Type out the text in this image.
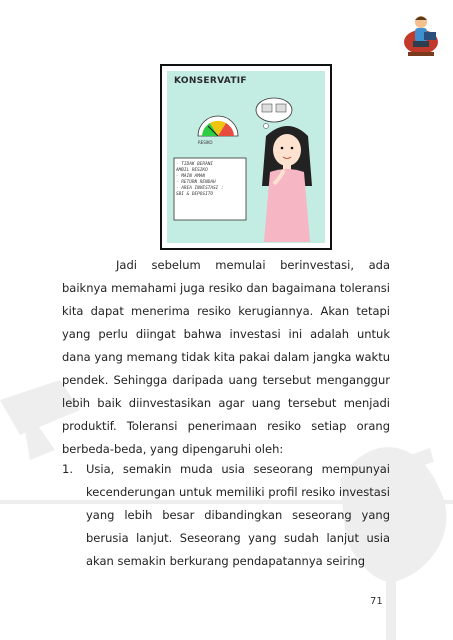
KONSERVATIF
RESIKO
- TIDAK BERANI
AMBIL RESIKO
- MAIN AMAN
- RETURN RENDAH
- AREA INVESTASI :
SBI & DEPOSITO
Jadi sebelum memulai berinvestasi, ada baiknya memahami juga resiko dan bagaimana toleransi kita dapat menerima resiko kerugiannya. Akan tetapi yang perlu diingat bahwa investasi ini adalah untuk dana yang memang tidak kita pakai dalam jangka waktu pendek. Sehingga daripada uang tersebut menganggur lebih baik diinvestasikan agar uang tersebut menjadi produktif. Toleransi penerimaan resiko setiap orang berbeda-beda, yang dipengaruhi oleh:
1. Usia, semakin muda usia seseorang mempunyai kecenderungan untuk memiliki profil resiko investasi yang lebih besar dibandingkan seseorang yang berusia lanjut. Seseorang yang sudah lanjut usia akan semakin berkurang pendapatannya seiring
71
